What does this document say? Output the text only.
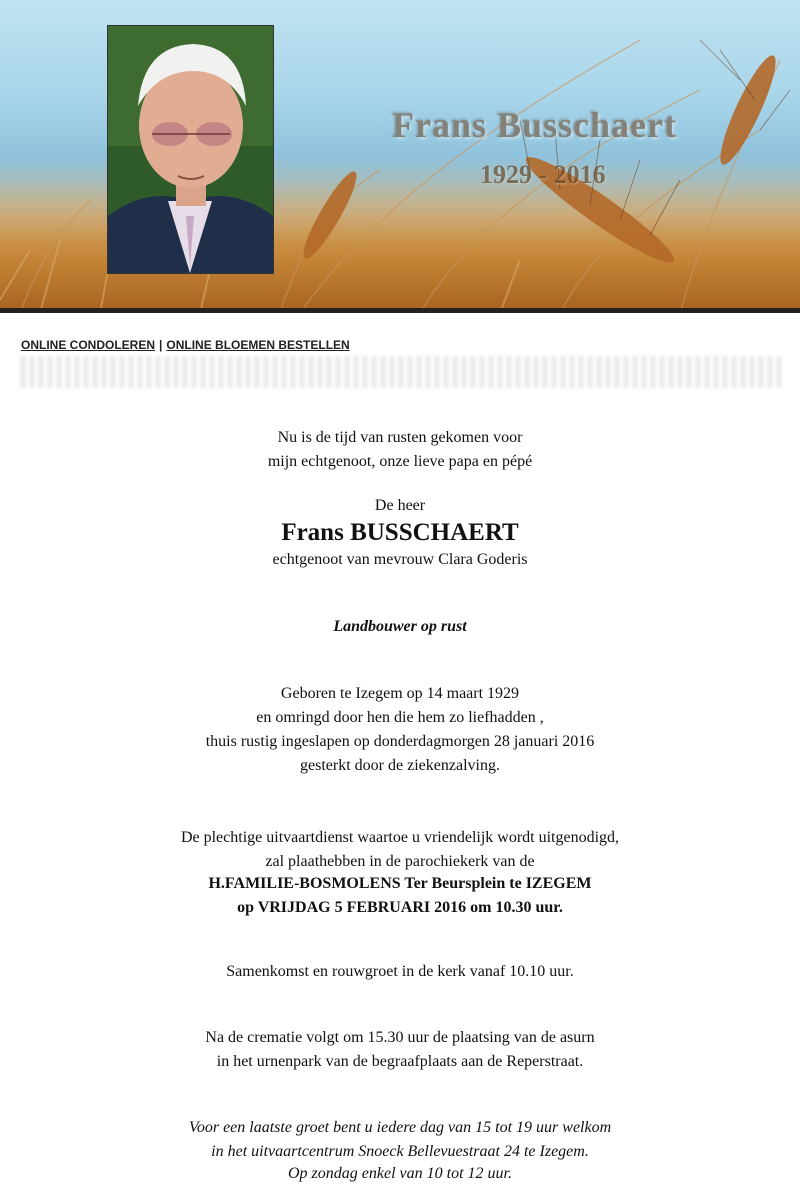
Frans Busschaert
1929 - 2016
ONLINE CONDOLEREN | ONLINE BLOEMEN BESTELLEN
Nu is de tijd van rusten gekomen voor
mijn echtgenoot, onze lieve papa en pépé
De heer
Frans BUSSCHAERT
echtgenoot van mevrouw Clara Goderis
Landbouwer op rust
Geboren te Izegem op 14 maart 1929
en omringd door hen die hem zo liefhadden ,
thuis rustig ingeslapen op donderdagmorgen 28 januari 2016
gesterkt door de ziekenzalving.
De plechtige uitvaartdienst waartoe u vriendelijk wordt uitgenodigd,
zal plaathebben in de parochiekerk van de
H.FAMILIE-BOSMOLENS Ter Beursplein te IZEGEM
op VRIJDAG 5 FEBRUARI 2016 om 10.30 uur.
Samenkomst en rouwgroet in de kerk vanaf 10.10 uur.
Na de crematie volgt om 15.30 uur de plaatsing van de asurn
in het urnenpark van de begraafplaats aan de Reperstraat.
Voor een laatste groet bent u iedere dag van 15 tot 19 uur welkom
in het uitvaartcentrum Snoeck Bellevuestraat 24 te Izegem.
Op zondag enkel van 10 tot 12 uur.
